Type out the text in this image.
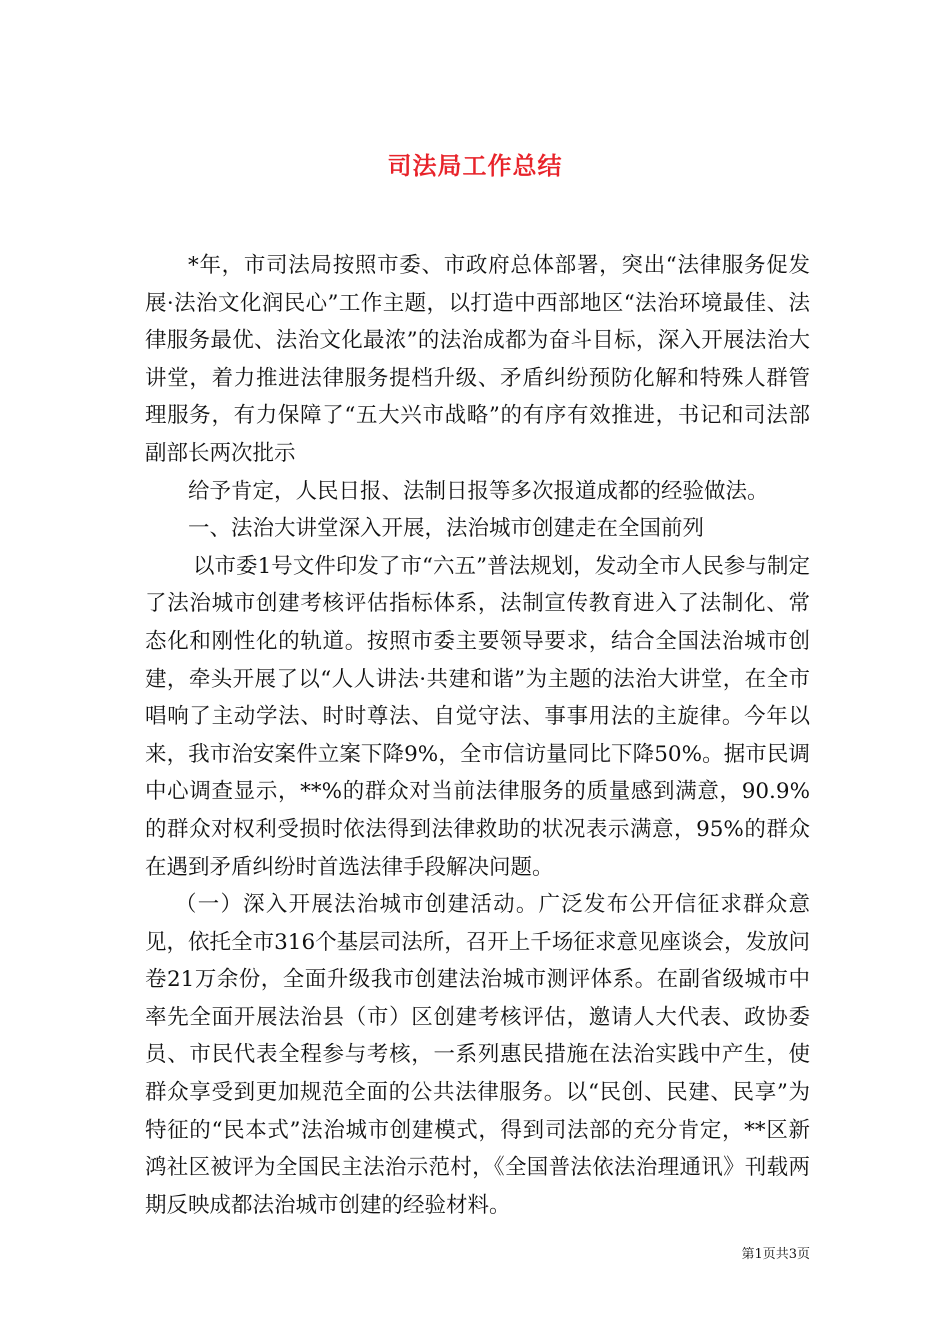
司法局工作总结

*年，市司法局按照市委、市政府总体部署，突出“法律服务促发展·法治文化润民心”工作主题，以打造中西部地区“法治环境最佳、法律服务最优、法治文化最浓”的法治成都为奋斗目标，深入开展法治大讲堂，着力推进法律服务提档升级、矛盾纠纷预防化解和特殊人群管理服务，有力保障了“五大兴市战略”的有序有效推进，书记和司法部副部长两次批示

给予肯定，人民日报、法制日报等多次报道成都的经验做法。

一、法治大讲堂深入开展，法治城市创建走在全国前列

以市委1号文件印发了市“六五”普法规划，发动全市人民参与制定了法治城市创建考核评估指标体系，法制宣传教育进入了法制化、常态化和刚性化的轨道。按照市委主要领导要求，结合全国法治城市创建，牵头开展了以“人人讲法·共建和谐”为主题的法治大讲堂，在全市唱响了主动学法、时时尊法、自觉守法、事事用法的主旋律。今年以来，我市治安案件立案下降9%，全市信访量同比下降50%。据市民调中心调查显示，**%的群众对当前法律服务的质量感到满意，90.9%的群众对权利受损时依法得到法律救助的状况表示满意，95%的群众在遇到矛盾纠纷时首选法律手段解决问题。

（一）深入开展法治城市创建活动。广泛发布公开信征求群众意见，依托全市316个基层司法所，召开上千场征求意见座谈会，发放问卷21万余份，全面升级我市创建法治城市测评体系。在副省级城市中率先全面开展法治县（市）区创建考核评估，邀请人大代表、政协委员、市民代表全程参与考核，一系列惠民措施在法治实践中产生，使群众享受到更加规范全面的公共法律服务。以“民创、民建、民享”为特征的“民本式”法治城市创建模式，得到司法部的充分肯定，**区新鸿社区被评为全国民主法治示范村，《全国普法依法治理通讯》刊载两期反映成都法治城市创建的经验材料。

第1页共3页
